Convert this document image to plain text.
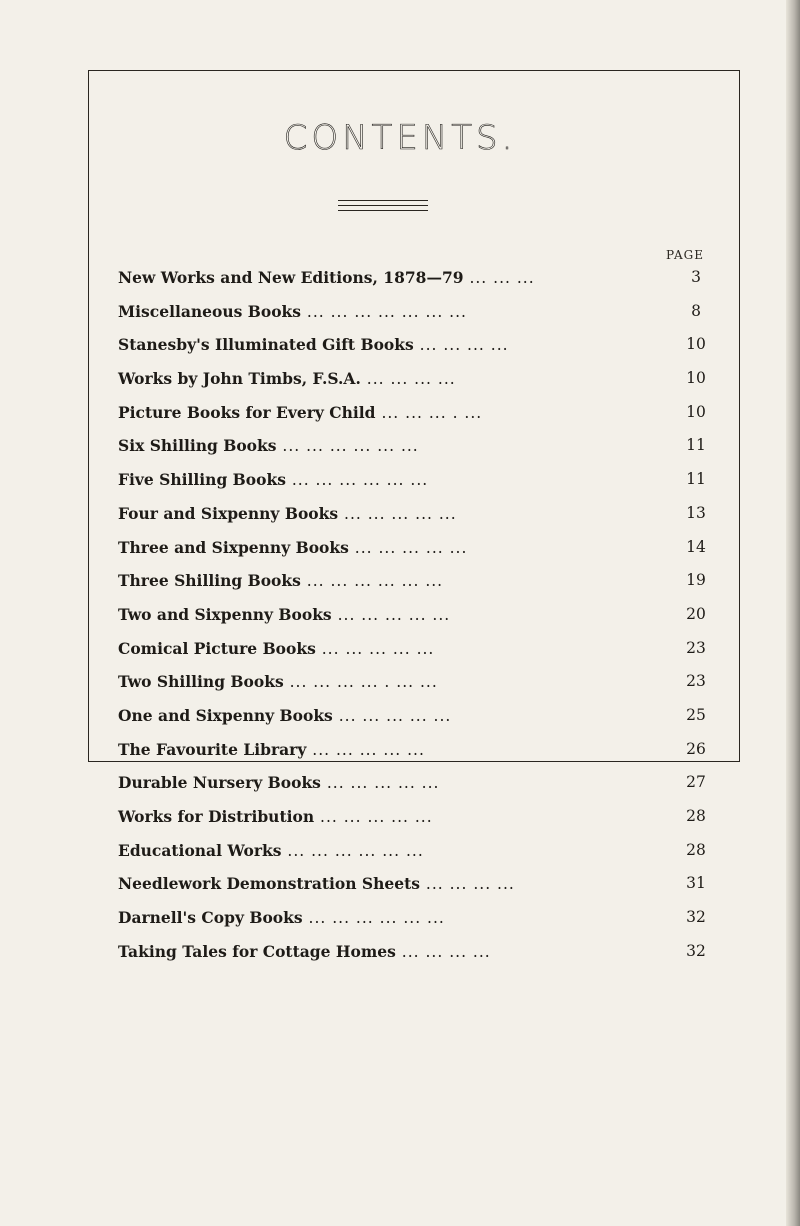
CONTENTS.
PAGE
New Works and New Editions, 1878—79 ... ... ...	3
Miscellaneous Books ... ... ... ... ... ... ...	8
Stanesby's Illuminated Gift Books ... ... ... ...	10
Works by John Timbs, F.S.A. ... ... ... ...	10
Picture Books for Every Child ... ... ... . ...	10
Six Shilling Books ... ... ... ... ... ...	11
Five Shilling Books ... ... ... ... ... ...	11
Four and Sixpenny Books ... ... ... ... ...	13
Three and Sixpenny Books ... ... ... ... ...	14
Three Shilling Books ... ... ... ... ... ...	19
Two and Sixpenny Books ... ... ... ... ...	20
Comical Picture Books ... ... ... ... ...	23
Two Shilling Books ... ... ... ... . ... ...	23
One and Sixpenny Books ... ... ... ... ...	25
The Favourite Library ... ... ... ... ...	26
Durable Nursery Books ... ... ... ... ...	27
Works for Distribution ... ... ... ... ...	28
Educational Works ... ... ... ... ... ...	28
Needlework Demonstration Sheets ... ... ... ...	31
Darnell's Copy Books ... ... ... ... ... ...	32
Taking Tales for Cottage Homes ... ... ... ...	32
